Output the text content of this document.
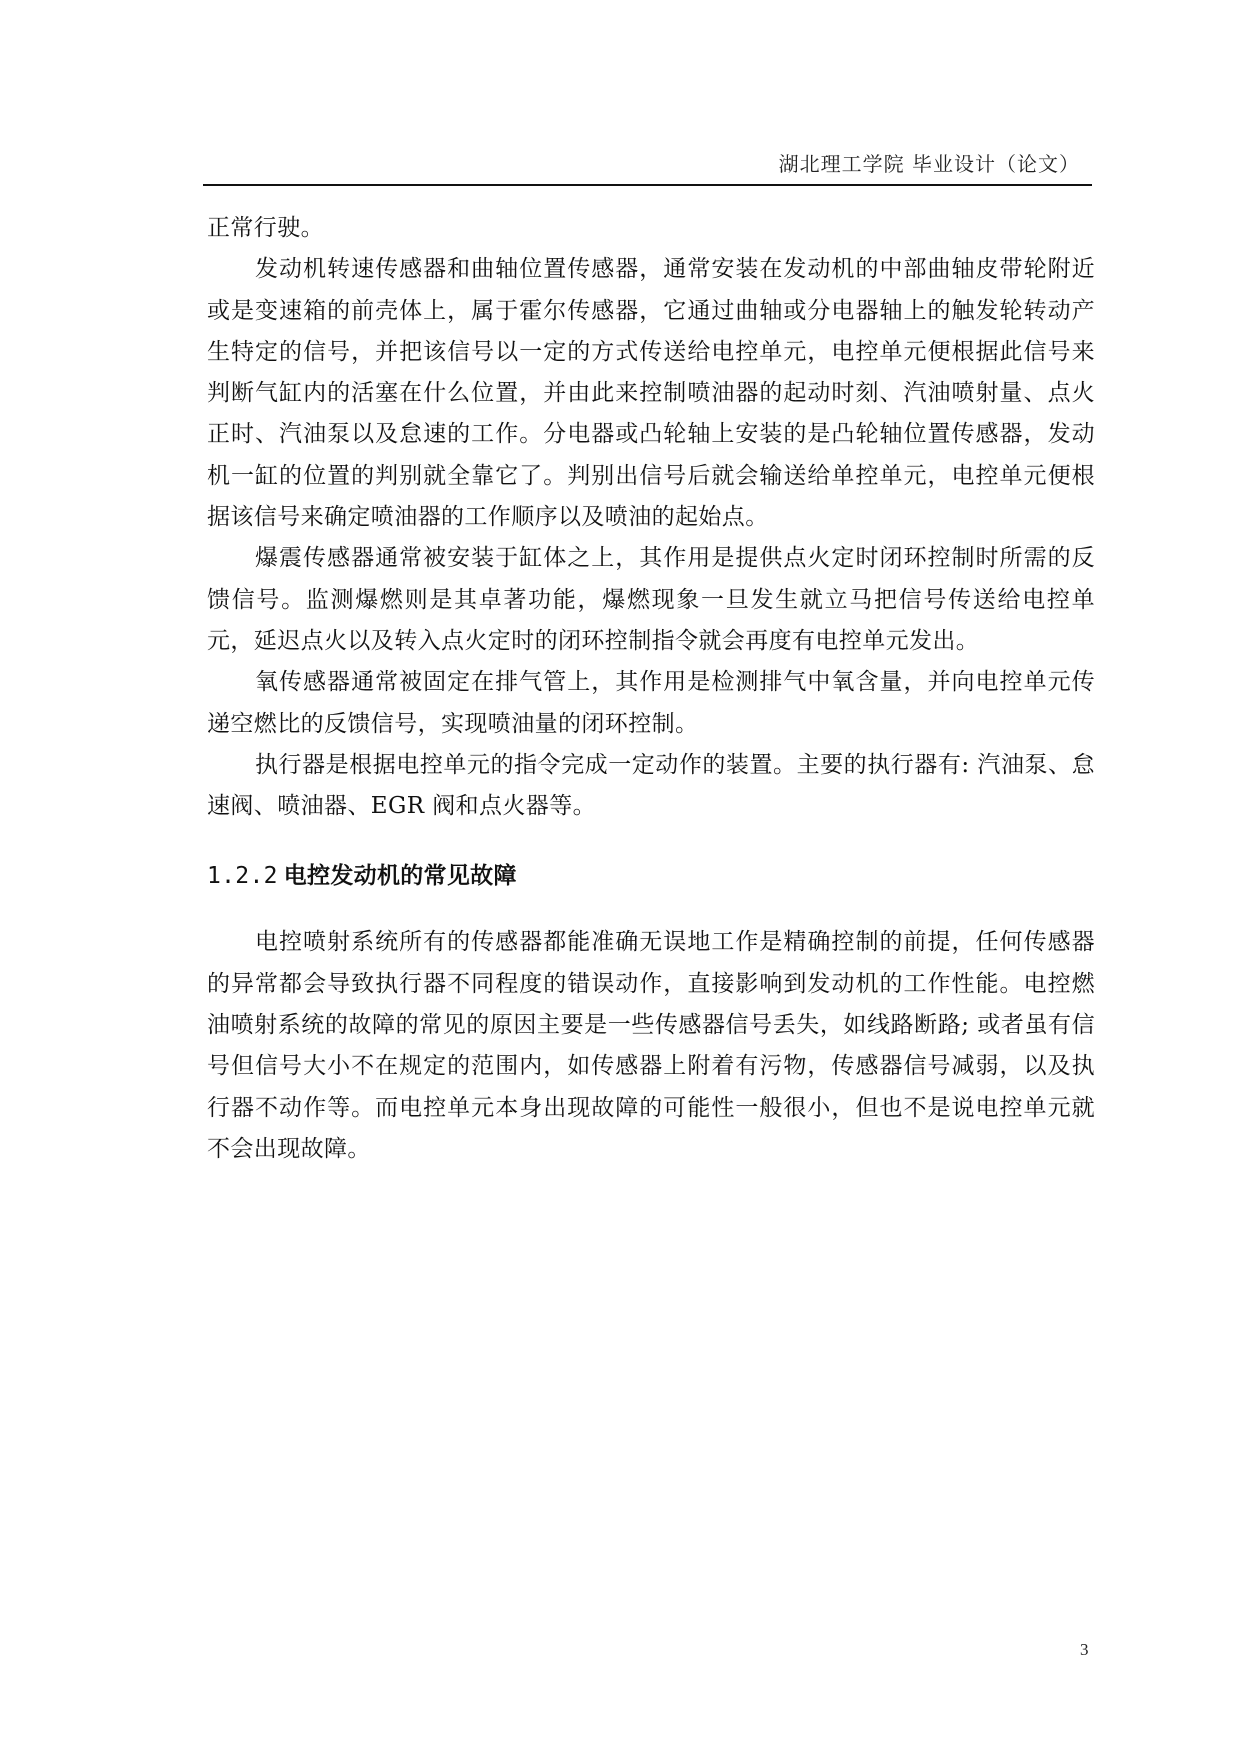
湖北理工学院 毕业设计（论文）

正常行驶。

发动机转速传感器和曲轴位置传感器，通常安装在发动机的中部曲轴皮带轮附近或是变速箱的前壳体上，属于霍尔传感器，它通过曲轴或分电器轴上的触发轮转动产生特定的信号，并把该信号以一定的方式传送给电控单元，电控单元便根据此信号来判断气缸内的活塞在什么位置，并由此来控制喷油器的起动时刻、汽油喷射量、点火正时、汽油泵以及怠速的工作。分电器或凸轮轴上安装的是凸轮轴位置传感器，发动机一缸的位置的判别就全靠它了。判别出信号后就会输送给单控单元，电控单元便根据该信号来确定喷油器的工作顺序以及喷油的起始点。

爆震传感器通常被安装于缸体之上，其作用是提供点火定时闭环控制时所需的反馈信号。监测爆燃则是其卓著功能，爆燃现象一旦发生就立马把信号传送给电控单元，延迟点火以及转入点火定时的闭环控制指令就会再度有电控单元发出。

氧传感器通常被固定在排气管上，其作用是检测排气中氧含量，并向电控单元传递空燃比的反馈信号，实现喷油量的闭环控制。

执行器是根据电控单元的指令完成一定动作的装置。主要的执行器有: 汽油泵、怠速阀、喷油器、EGR 阀和点火器等。

1.2.2 电控发动机的常见故障

电控喷射系统所有的传感器都能准确无误地工作是精确控制的前提，任何传感器的异常都会导致执行器不同程度的错误动作，直接影响到发动机的工作性能。电控燃油喷射系统的故障的常见的原因主要是一些传感器信号丢失，如线路断路; 或者虽有信号但信号大小不在规定的范围内，如传感器上附着有污物，传感器信号减弱，以及执行器不动作等。而电控单元本身出现故障的可能性一般很小，但也不是说电控单元就不会出现故障。

3
